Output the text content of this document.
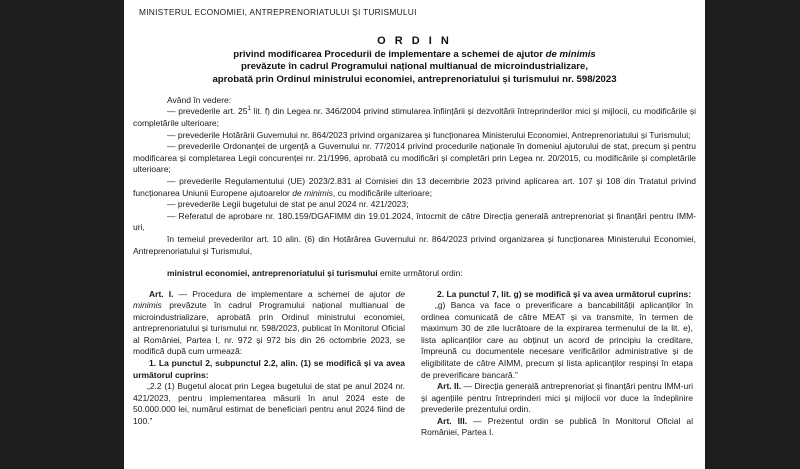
MINISTERUL ECONOMIEI, ANTREPRENORIATULUI ȘI TURISMULUI
O R D I N
privind modificarea Procedurii de implementare a schemei de ajutor de minimis
prevăzute în cadrul Programului național multianual de microindustrializare,
aprobată prin Ordinul ministrului economiei, antreprenoriatului și turismului nr. 598/2023

Având în vedere:

— prevederile art. $25^1$ lit. f) din Legea nr. 346/2004 privind stimularea înființării și dezvoltării întreprinderilor mici și mijlocii, cu modificările și completările ulterioare;

— prevederile Hotărârii Guvernului nr. 864/2023 privind organizarea și funcționarea Ministerului Economiei, Antreprenoriatului și Turismului;

— prevederile Ordonanței de urgență a Guvernului nr. 77/2014 privind procedurile naționale în domeniul ajutorului de stat, precum și pentru modificarea și completarea Legii concurenței nr. 21/1996, aprobată cu modificări și completări prin Legea nr. 20/2015, cu modificările și completările ulterioare;

— prevederile Regulamentului (UE) 2023/2.831 al Comisiei din 13 decembrie 2023 privind aplicarea art. 107 și 108 din Tratatul privind funcționarea Uniunii Europene ajutoarelor de minimis, cu modificările ulterioare;

— prevederile Legii bugetului de stat pe anul 2024 nr. 421/2023;

— Referatul de aprobare nr. 180.159/DGAFIMM din 19.01.2024, întocmit de către Direcția generală antreprenoriat și finanțări pentru IMM-uri,

în temeiul prevederilor art. 10 alin. (6) din Hotărârea Guvernului nr. 864/2023 privind organizarea și funcționarea Ministerului Economiei, Antreprenoriatului și Turismului,

ministrul economiei, antreprenoriatului și turismului emite următorul ordin:

Art. I. — Procedura de implementare a schemei de ajutor de minimis prevăzute în cadrul Programului național multianual de microindustrializare, aprobată prin Ordinul ministrului economiei, antreprenoriatului și turismului nr. 598/2023, publicat în Monitorul Oficial al României, Partea I, nr. 972 și 972 bis din 26 octombrie 2023, se modifică după cum urmează:

1. La punctul 2, subpunctul 2.2, alin. (1) se modifică și va avea următorul cuprins:

„2.2 (1) Bugetul alocat prin Legea bugetului de stat pe anul 2024 nr. 421/2023, pentru implementarea măsurii în anul 2024 este de 50.000.000 lei, numărul estimat de beneficiari pentru anul 2024 fiind de 100.”

2. La punctul 7, lit. g) se modifică și va avea următorul cuprins:

„g) Banca va face o preverificare a bancabilității aplicanților în ordinea comunicată de către MEAT și va transmite, în termen de maximum 30 de zile lucrătoare de la expirarea termenului de la lit. e), lista aplicanților care au obținut un acord de principiu la creditare, împreună cu documentele necesare verificărilor administrative și de eligibilitate de către AIMM, precum și lista aplicanților respinși în etapa de preverificare bancară.”

Art. II. — Direcția generală antreprenoriat și finanțări pentru IMM-uri și agențiile pentru întreprinderi mici și mijlocii vor duce la îndeplinire prevederile prezentului ordin.

Art. III. — Prezentul ordin se publică în Monitorul Oficial al României, Partea I.
